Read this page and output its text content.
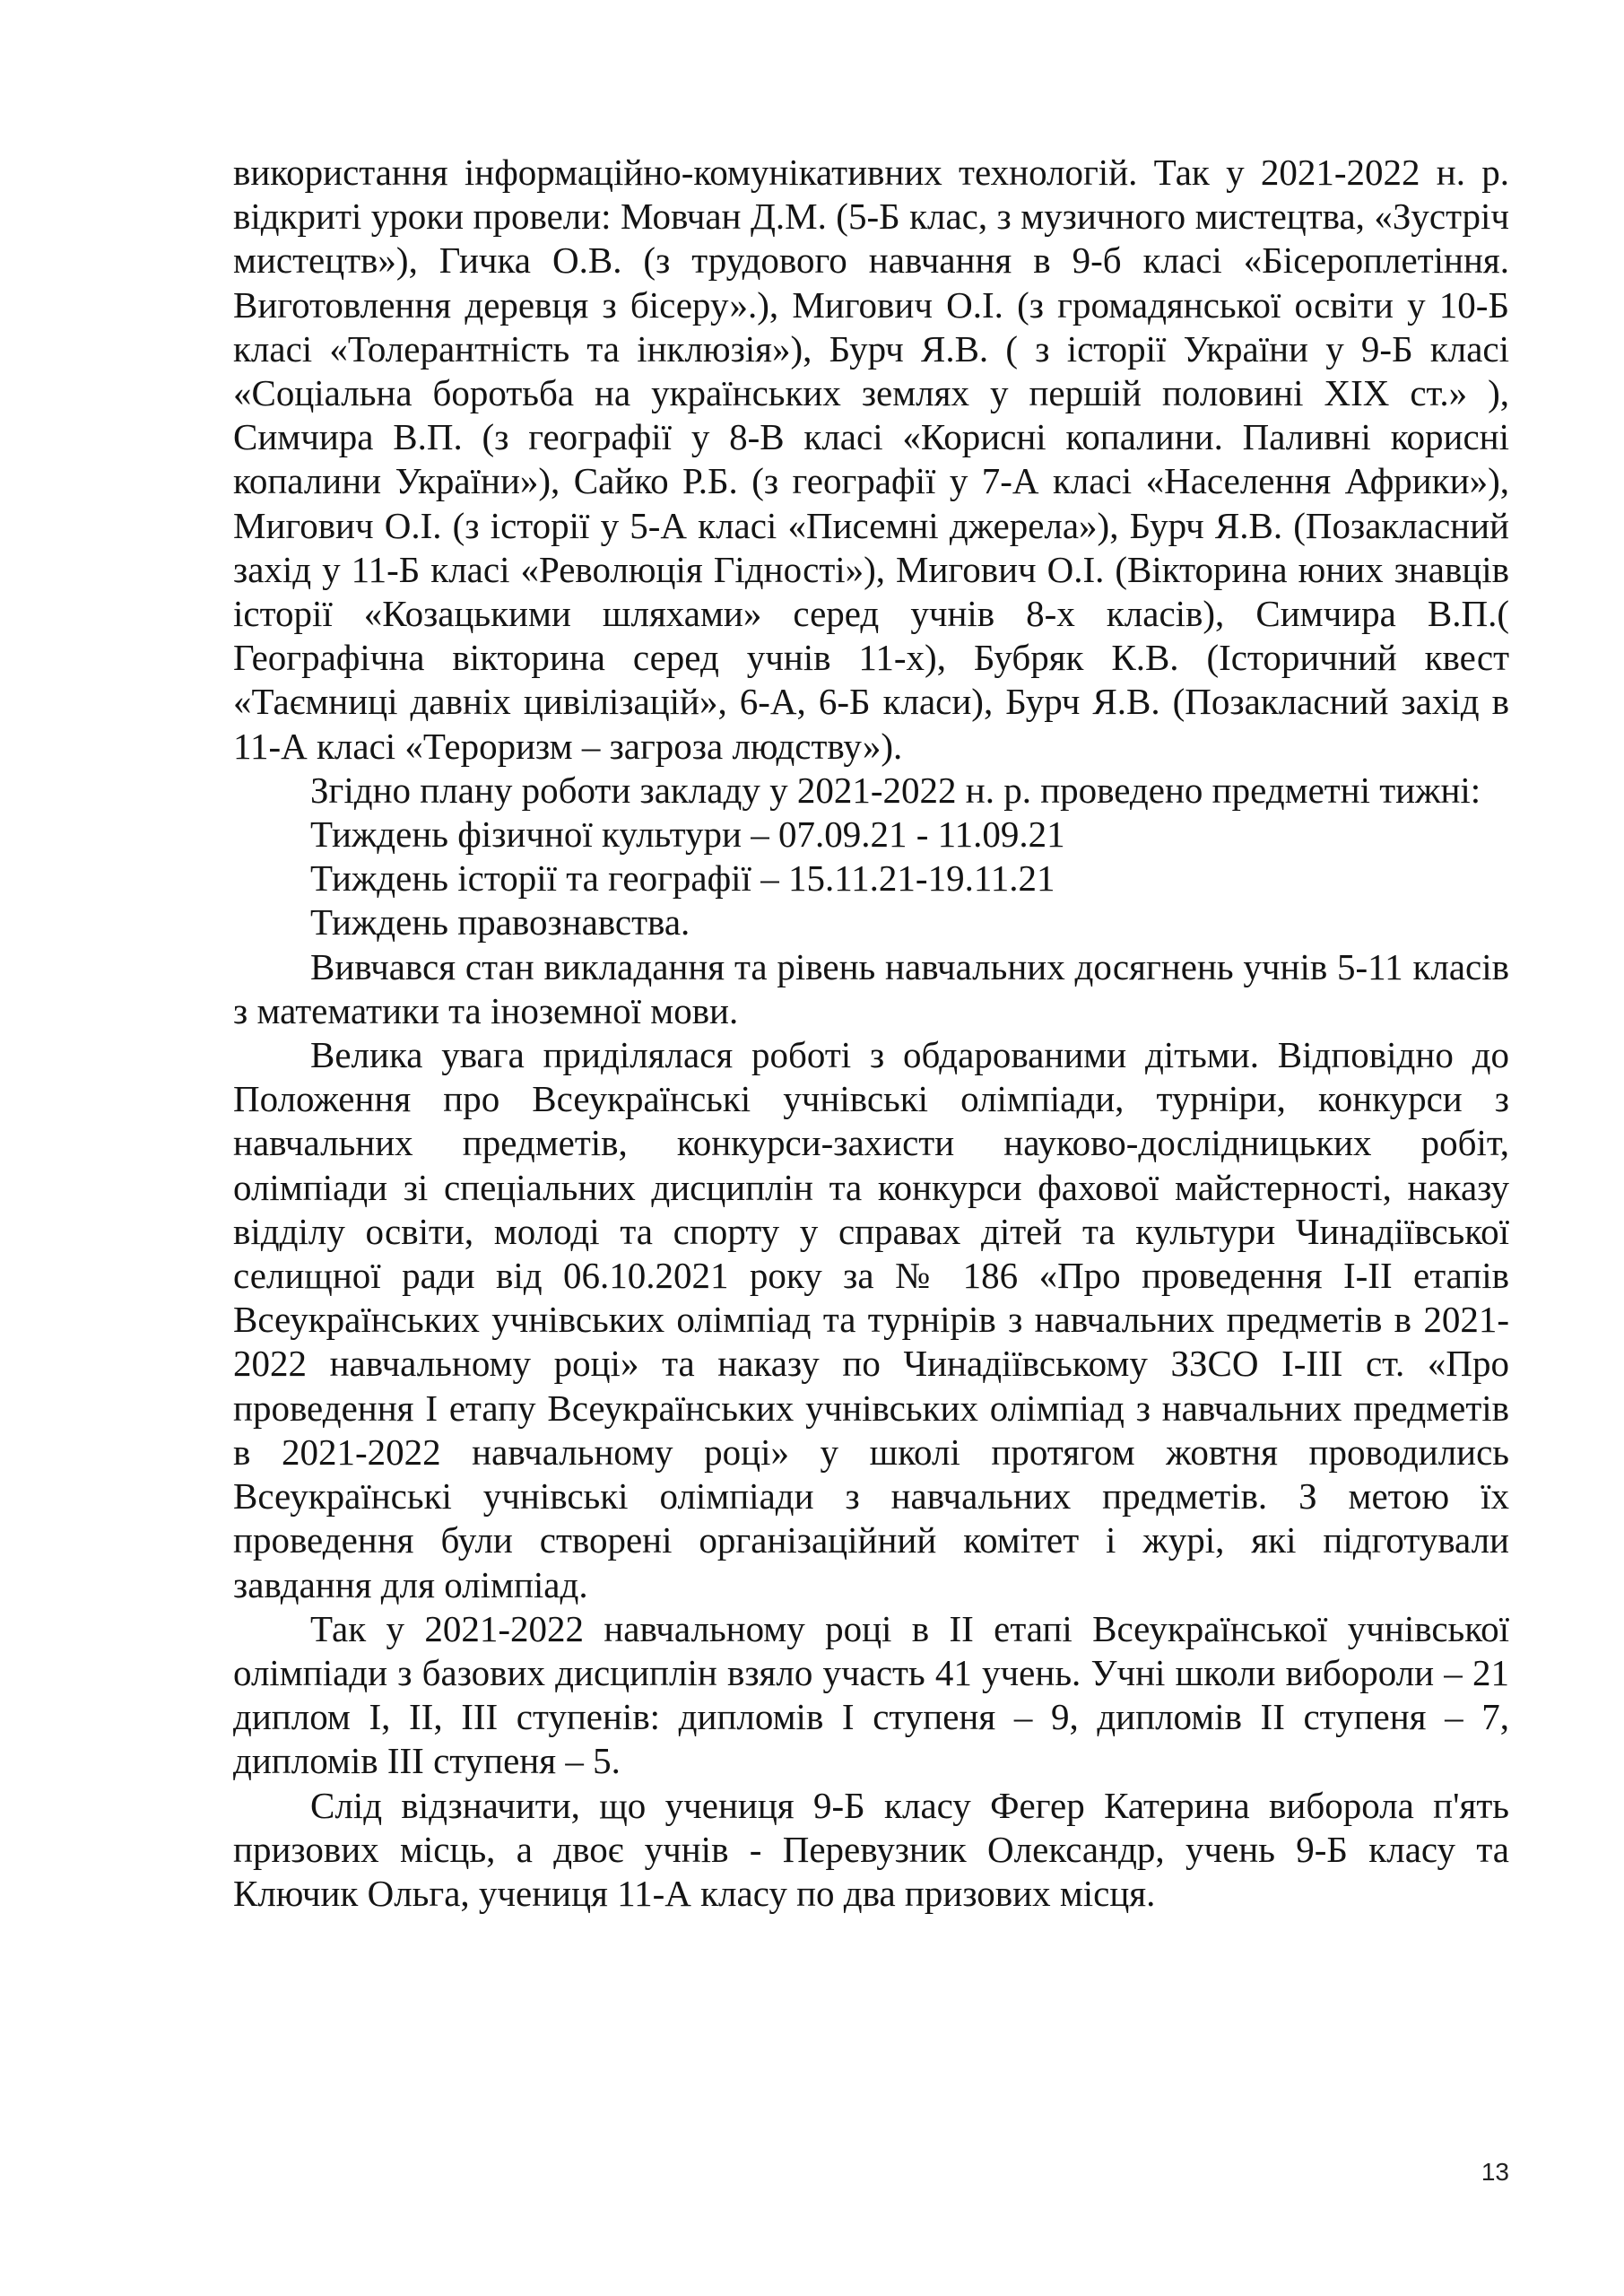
використання інформаційно-комунікативних технологій. Так у 2021-2022 н. р. відкриті уроки провели: Мовчан Д.М. (5-Б клас, з музичного мистецтва, «Зустріч мистецтв»), Гичка О.В. (з трудового навчання в 9-б класі «Бісероплетіння. Виготовлення деревця з бісеру».), Мигович О.І. (з громадянської освіти у 10-Б класі «Толерантність та інклюзія»), Бурч Я.В. ( з історії України у 9-Б класі «Соціальна боротьба на українських землях у першій половині ХІХ ст.» ), Симчира В.П. (з географії у 8-В класі «Корисні копалини. Паливні корисні копалини України»), Сайко Р.Б. (з географії у 7-А класі «Населення Африки»), Мигович О.І. (з історії у 5-А класі «Писемні джерела»), Бурч Я.В. (Позакласний захід у 11-Б класі «Революція Гідності»), Мигович О.І. (Вікторина юних знавців історії «Козацькими шляхами» серед учнів 8-х класів), Симчира В.П.( Географічна вікторина серед учнів 11-х), Бубряк К.В. (Історичний квест «Таємниці давніх цивілізацій», 6-А, 6-Б класи), Бурч Я.В. (Позакласний захід в 11-А класі «Тероризм – загроза людству»).

Згідно плану роботи закладу у 2021-2022 н. р. проведено предметні тижні:

Тиждень фізичної культури – 07.09.21 - 11.09.21
Тиждень історії та географії – 15.11.21-19.11.21
Тиждень правознавства.

Вивчався стан викладання та рівень навчальних досягнень учнів 5-11 класів з математики та іноземної мови.

Велика увага приділялася роботі з обдарованими дітьми. Відповідно до Положення про Всеукраїнські учнівські олімпіади, турніри, конкурси з навчальних предметів, конкурси-захисти науково-дослідницьких робіт, олімпіади зі спеціальних дисциплін та конкурси фахової майстерності, наказу відділу освіти, молоді та спорту у справах дітей та культури Чинадіївської селищної ради від 06.10.2021 року за № 186 «Про проведення І-ІІ етапів Всеукраїнських учнівських олімпіад та турнірів з навчальних предметів в 2021-2022 навчальному році» та наказу по Чинадіївському ЗЗСО І-ІІІ ст. «Про проведення І етапу Всеукраїнських учнівських олімпіад з навчальних предметів в 2021-2022 навчальному році» у школі протягом жовтня проводились Всеукраїнські учнівські олімпіади з навчальних предметів. З метою їх проведення були створені організаційний комітет і журі, які підготували завдання для олімпіад.

Так у 2021-2022 навчальному році в ІІ етапі Всеукраїнської учнівської олімпіади з базових дисциплін взяло участь 41 учень. Учні школи вибороли – 21 диплом І, ІІ, ІІІ ступенів: дипломів І ступеня – 9, дипломів ІІ ступеня – 7, дипломів ІІІ ступеня – 5.

Слід відзначити, що учениця 9-Б класу Фегер Катерина виборола п'ять призових місць, а двоє учнів - Перевузник Олександр, учень 9-Б класу та Ключик Ольга, учениця 11-А класу по два призових місця.

13
